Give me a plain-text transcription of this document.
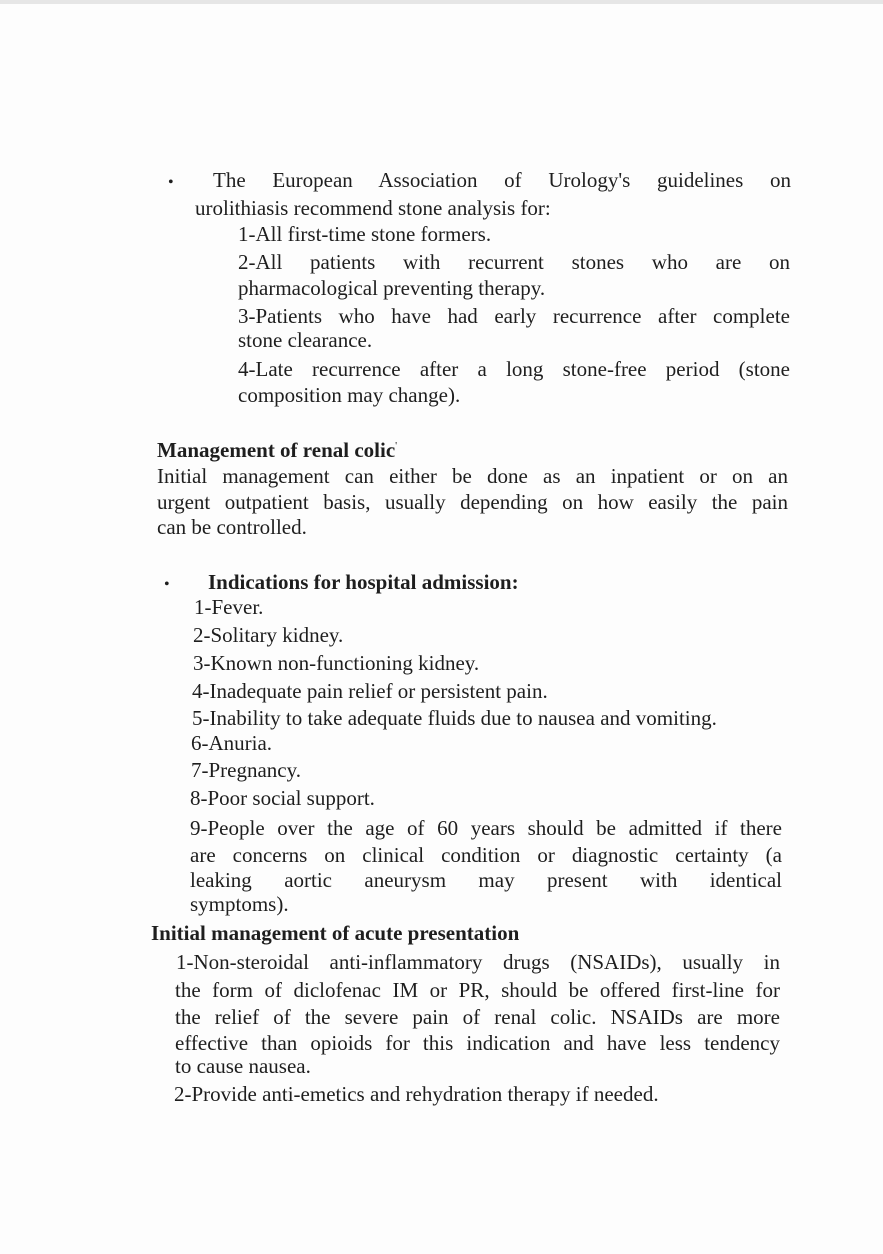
• The European Association of Urology's guidelines on
urolithiasis recommend stone analysis for:
1-All first-time stone formers.
2-All patients with recurrent stones who are on
pharmacological preventing therapy.
3-Patients who have had early recurrence after complete
stone clearance.
4-Late recurrence after a long stone-free period (stone
composition may change).
Management of renal colic'
Initial management can either be done as an inpatient or on an
urgent outpatient basis, usually depending on how easily the pain
can be controlled.
• Indications for hospital admission:
1-Fever.
2-Solitary kidney.
3-Known non-functioning kidney.
4-Inadequate pain relief or persistent pain.
5-Inability to take adequate fluids due to nausea and vomiting.
6-Anuria.
7-Pregnancy.
8-Poor social support.
9-People over the age of 60 years should be admitted if there
are concerns on clinical condition or diagnostic certainty (a
leaking aortic aneurysm may present with identical
symptoms).
Initial management of acute presentation
1-Non-steroidal anti-inflammatory drugs (NSAIDs), usually in
the form of diclofenac IM or PR, should be offered first-line for
the relief of the severe pain of renal colic. NSAIDs are more
effective than opioids for this indication and have less tendency
to cause nausea.
2-Provide anti-emetics and rehydration therapy if needed.
